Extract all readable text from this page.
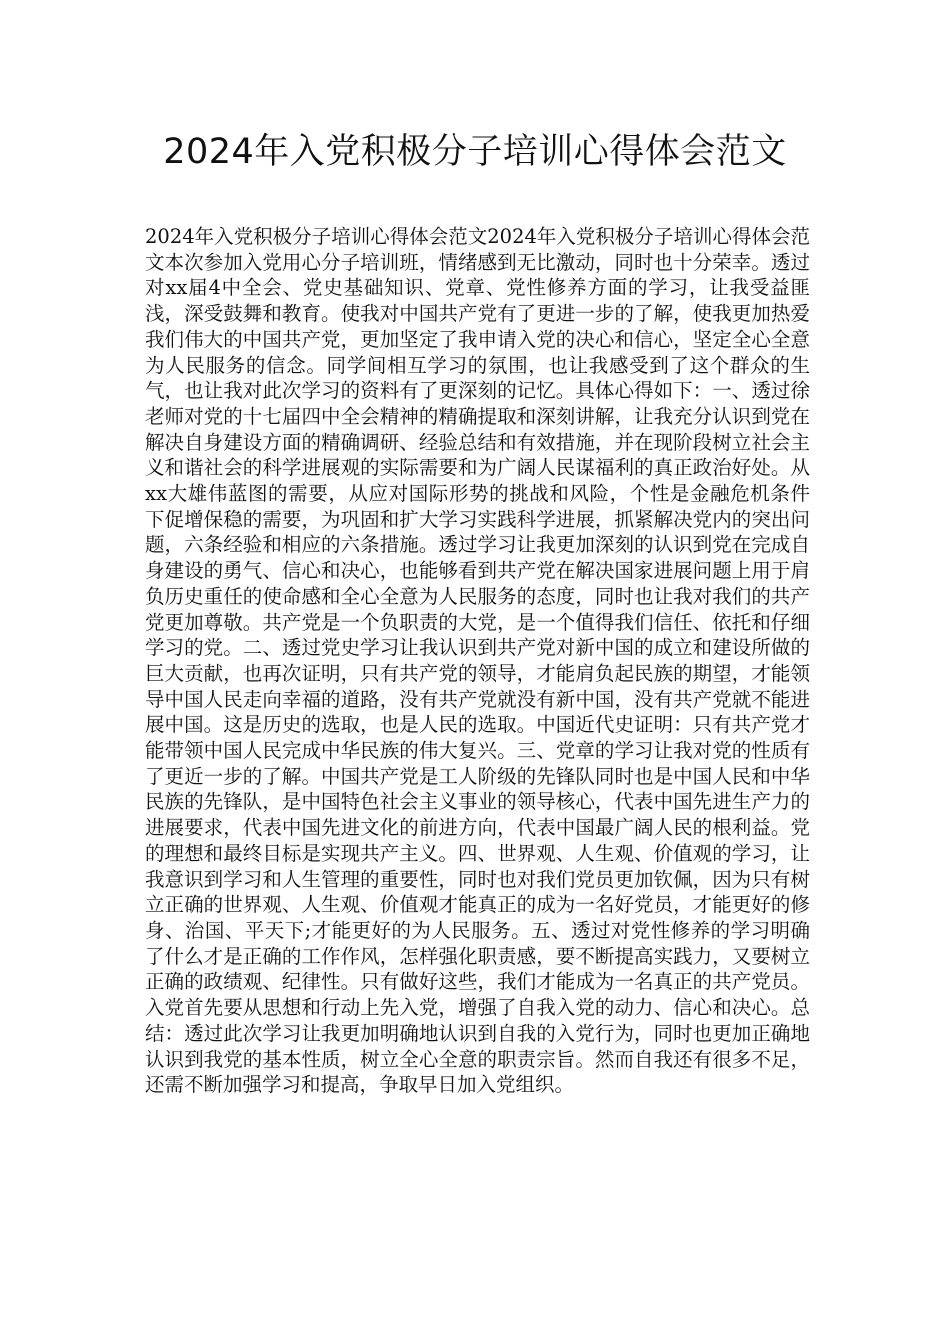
2024年入党积极分子培训心得体会范文

2024年入党积极分子培训心得体会范文2024年入党积极分子培训心得体会范文本次参加入党用心分子培训班，情绪感到无比激动，同时也十分荣幸。透过对xx届4中全会、党史基础知识、党章、党性修养方面的学习，让我受益匪浅，深受鼓舞和教育。使我对中国共产党有了更进一步的了解，使我更加热爱我们伟大的中国共产党，更加坚定了我申请入党的决心和信心，坚定全心全意为人民服务的信念。同学间相互学习的氛围，也让我感受到了这个群众的生气，也让我对此次学习的资料有了更深刻的记忆。具体心得如下：一、透过徐老师对党的十七届四中全会精神的精确提取和深刻讲解，让我充分认识到党在解决自身建设方面的精确调研、经验总结和有效措施，并在现阶段树立社会主义和谐社会的科学进展观的实际需要和为广阔人民谋福利的真正政治好处。从xx大雄伟蓝图的需要，从应对国际形势的挑战和风险，个性是金融危机条件下促增保稳的需要，为巩固和扩大学习实践科学进展，抓紧解决党内的突出问题，六条经验和相应的六条措施。透过学习让我更加深刻的认识到党在完成自身建设的勇气、信心和决心，也能够看到共产党在解决国家进展问题上用于肩负历史重任的使命感和全心全意为人民服务的态度，同时也让我对我们的共产党更加尊敬。共产党是一个负职责的大党，是一个值得我们信任、依托和仔细学习的党。二、透过党史学习让我认识到共产党对新中国的成立和建设所做的巨大贡献，也再次证明，只有共产党的领导，才能肩负起民族的期望，才能领导中国人民走向幸福的道路，没有共产党就没有新中国，没有共产党就不能进展中国。这是历史的选取，也是人民的选取。中国近代史证明：只有共产党才能带领中国人民完成中华民族的伟大复兴。三、党章的学习让我对党的性质有了更近一步的了解。中国共产党是工人阶级的先锋队同时也是中国人民和中华民族的先锋队，是中国特色社会主义事业的领导核心，代表中国先进生产力的进展要求，代表中国先进文化的前进方向，代表中国最广阔人民的根利益。党的理想和最终目标是实现共产主义。四、世界观、人生观、价值观的学习，让我意识到学习和人生管理的重要性，同时也对我们党员更加钦佩，因为只有树立正确的世界观、人生观、价值观才能真正的成为一名好党员，才能更好的修身、治国、平天下;才能更好的为人民服务。五、透过对党性修养的学习明确了什么才是正确的工作作风，怎样强化职责感，要不断提高实践力，又要树立正确的政绩观、纪律性。只有做好这些，我们才能成为一名真正的共产党员。入党首先要从思想和行动上先入党，增强了自我入党的动力、信心和决心。总结：透过此次学习让我更加明确地认识到自我的入党行为，同时也更加正确地认识到我党的基本性质，树立全心全意的职责宗旨。然而自我还有很多不足，还需不断加强学习和提高，争取早日加入党组织。
